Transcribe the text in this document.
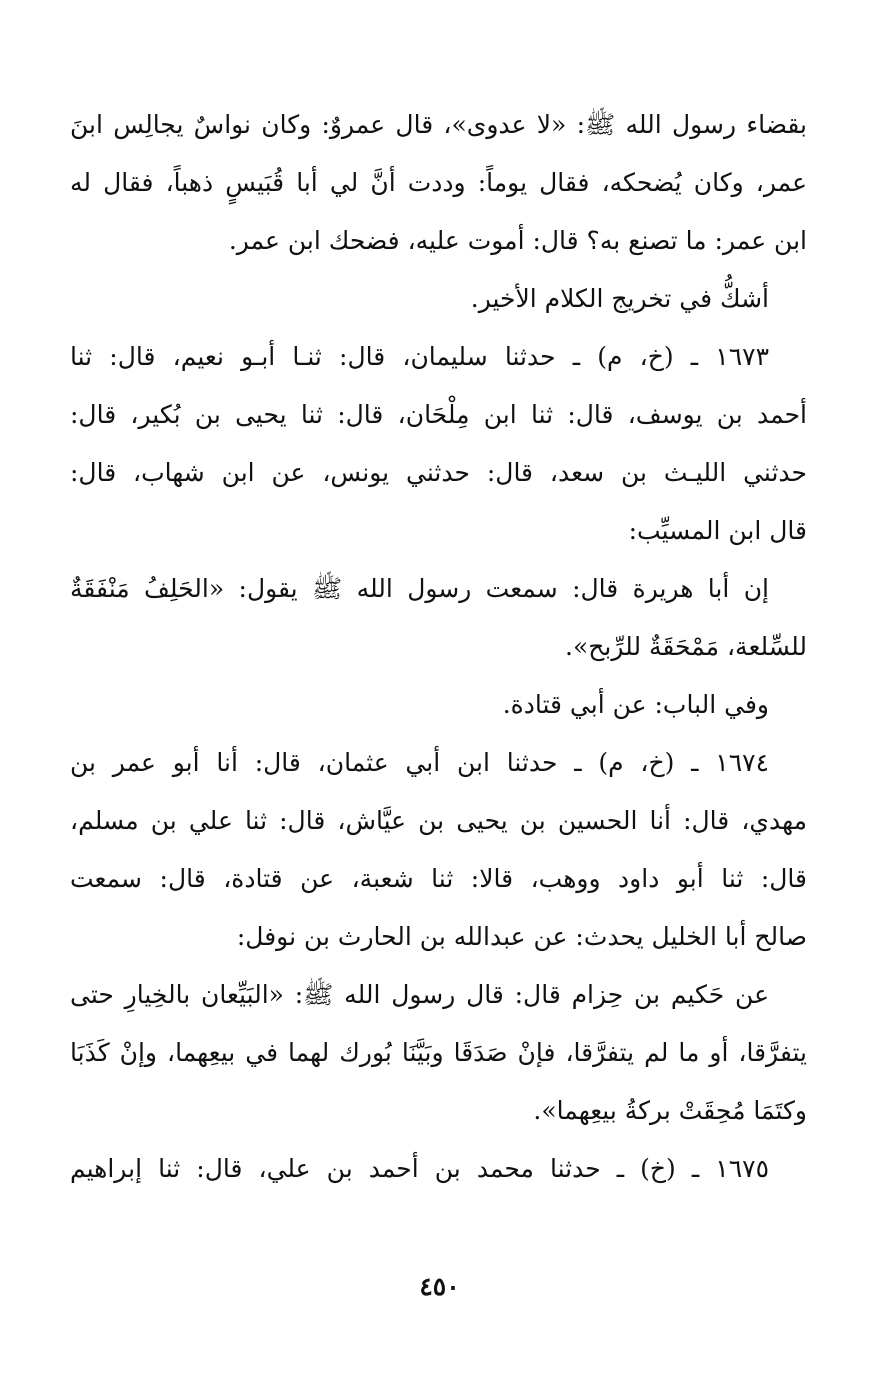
بقضاء رسول الله ﷺ: «لا عدوى»، قال عمروٌ: وكان نواسٌ يجالِس ابنَ
عمر، وكان يُضحكه، فقال يوماً: وددت أنَّ لي أبا قُبَيسٍ ذهباً، فقال له
ابن عمر: ما تصنع به؟ قال: أموت عليه، فضحك ابن عمر.
أشكُّ في تخريج الكلام الأخير.
١٦٧٣ ـ (خ، م) ـ حدثنا سليمان، قال: ثنـا أبـو نعيم، قال: ثنا
أحمد بن يوسف، قال: ثنا ابن مِلْحَان، قال: ثنا يحيى بن بُكير، قال:
حدثني الليـث بن سعد، قال: حدثني يونس، عن ابن شهاب، قال:
قال ابن المسيِّب:
إن أبا هريرة قال: سمعت رسول الله ﷺ يقول: «الحَلِفُ مَنْفَقَةٌ
للسِّلعة، مَمْحَقَةٌ للرِّبح».
وفي الباب: عن أبي قتادة.
١٦٧٤ ـ (خ، م) ـ حدثنا ابن أبي عثمان، قال: أنا أبو عمر بن
مهدي، قال: أنا الحسين بن يحيى بن عيَّاش، قال: ثنا علي بن مسلم،
قال: ثنا أبو داود ووهب، قالا: ثنا شعبة، عن قتادة، قال: سمعت
صالح أبا الخليل يحدث: عن عبدالله بن الحارث بن نوفل:
عن حَكيم بن حِزام قال: قال رسول الله ﷺ: «البَيِّعان بالخِيارِ حتى
يتفرَّقا، أو ما لم يتفرَّقا، فإنْ صَدَقَا وبَيَّنَا بُورك لهما في بيعِهما، وإنْ كَذَبَا
وكتَمَا مُحِقَتْ بركةُ بيعِهما».
١٦٧٥ ـ (خ) ـ حدثنا محمد بن أحمد بن علي، قال: ثنا إبراهيم
٤٥٠
